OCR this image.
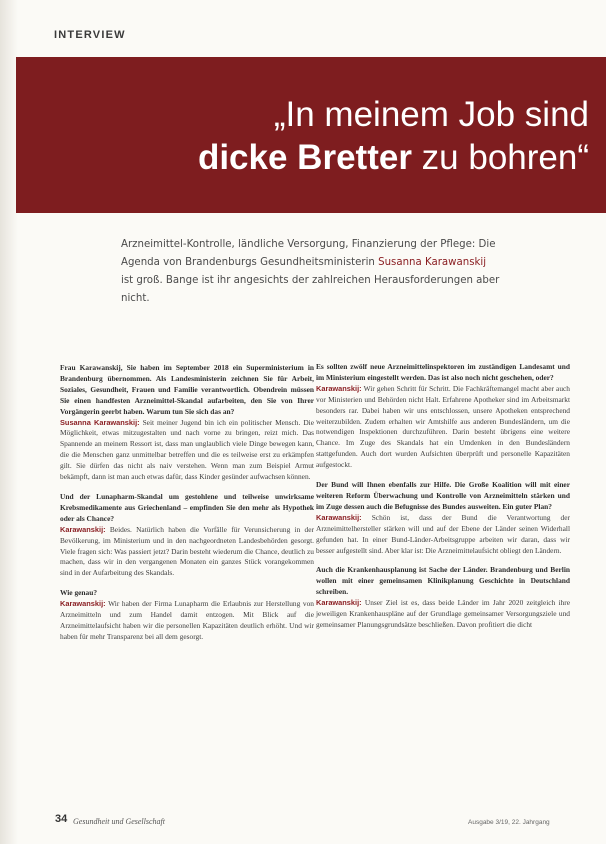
INTERVIEW
„In meinem Job sind
dicke Bretter zu bohren“
Arzneimittel-Kontrolle, ländliche Versorgung, Finanzierung der Pflege: Die Agenda von Brandenburgs Gesundheitsministerin Susanna Karawanskij ist groß. Bange ist ihr angesichts der zahlreichen Herausforderungen aber nicht.

Frau Karawanskij, Sie haben im September 2018 ein Superministerium in Brandenburg übernommen. Als Landesministerin zeichnen Sie für Arbeit, Soziales, Gesundheit, Frauen und Familie verantwortlich. Obendrein müssen Sie einen handfesten Arzneimittel-Skandal aufarbeiten, den Sie von Ihrer Vorgängerin geerbt haben. Warum tun Sie sich das an?

Susanna Karawanskij: Seit meiner Jugend bin ich ein politischer Mensch. Die Möglichkeit, etwas mitzugestalten und nach vorne zu bringen, reizt mich. Das Spannende an meinem Ressort ist, dass man unglaublich viele Dinge bewegen kann, die die Menschen ganz unmittelbar betreffen und die es teilweise erst zu erkämpfen gilt. Sie dürfen das nicht als naiv verstehen. Wenn man zum Beispiel Armut bekämpft, dann ist man auch etwas dafür, dass Kinder gesünder aufwachsen können.

Und der Lunapharm-Skandal um gestohlene und teilweise unwirksame Krebsmedikamente aus Griechenland – empfinden Sie den mehr als Hypothek oder als Chance?

Karawanskij: Beides. Natürlich haben die Vorfälle für Verunsicherung in der Bevölkerung, im Ministerium und in den nachgeordneten Landesbehörden gesorgt. Viele fragen sich: Was passiert jetzt? Darin besteht wiederum die Chance, deutlich zu machen, dass wir in den vergangenen Monaten ein ganzes Stück vorangekommen sind in der Aufarbeitung des Skandals.

Wie genau?

Karawanskij: Wir haben der Firma Lunapharm die Erlaubnis zur Herstellung von Arzneimitteln und zum Handel damit entzogen. Mit Blick auf die Arzneimittelaufsicht haben wir die personellen Kapazitäten deutlich erhöht. Und wir haben für mehr Transparenz bei all dem gesorgt.

Es sollten zwölf neue Arzneimittelinspektoren im zuständigen Landesamt und im Ministerium eingestellt werden. Das ist also noch nicht geschehen, oder?

Karawanskij: Wir gehen Schritt für Schritt. Die Fachkräftemangel macht aber auch vor Ministerien und Behörden nicht Halt. Erfahrene Apotheker sind im Arbeitsmarkt besonders rar. Dabei haben wir uns entschlossen, unsere Apotheken entsprechend weiterzubilden. Zudem erhalten wir Amtshilfe aus anderen Bundesländern, um die notwendigen Inspektionen durchzuführen. Darin besteht übrigens eine weitere Chance. Im Zuge des Skandals hat ein Umdenken in den Bundesländern stattgefunden. Auch dort wurden Aufsichten überprüft und personelle Kapazitäten aufgestockt.

Der Bund will Ihnen ebenfalls zur Hilfe. Die Große Koalition will mit einer weiteren Reform Überwachung und Kontrolle von Arzneimitteln stärken und im Zuge dessen auch die Befugnisse des Bundes ausweiten. Ein guter Plan?

Karawanskij: Schön ist, dass der Bund die Verantwortung der Arzneimittelhersteller stärken will und auf der Ebene der Länder seinen Widerhall gefunden hat. In einer Bund-Länder-Arbeitsgruppe arbeiten wir daran, dass wir besser aufgestellt sind. Aber klar ist: Die Arzneimittelaufsicht obliegt den Ländern.

Auch die Krankenhausplanung ist Sache der Länder. Brandenburg und Berlin wollen mit einer gemeinsamen Klinikplanung Geschichte in Deutschland schreiben.

Karawanskij: Unser Ziel ist es, dass beide Länder im Jahr 2020 zeitgleich ihre jeweiligen Krankenhauspläne auf der Grundlage gemeinsamer Versorgungsziele und gemeinsamer Planungsgrundsätze beschließen. Davon profitiert die dicht

34 Gesundheit und Gesellschaft	Ausgabe 3/19, 22. Jahrgang
